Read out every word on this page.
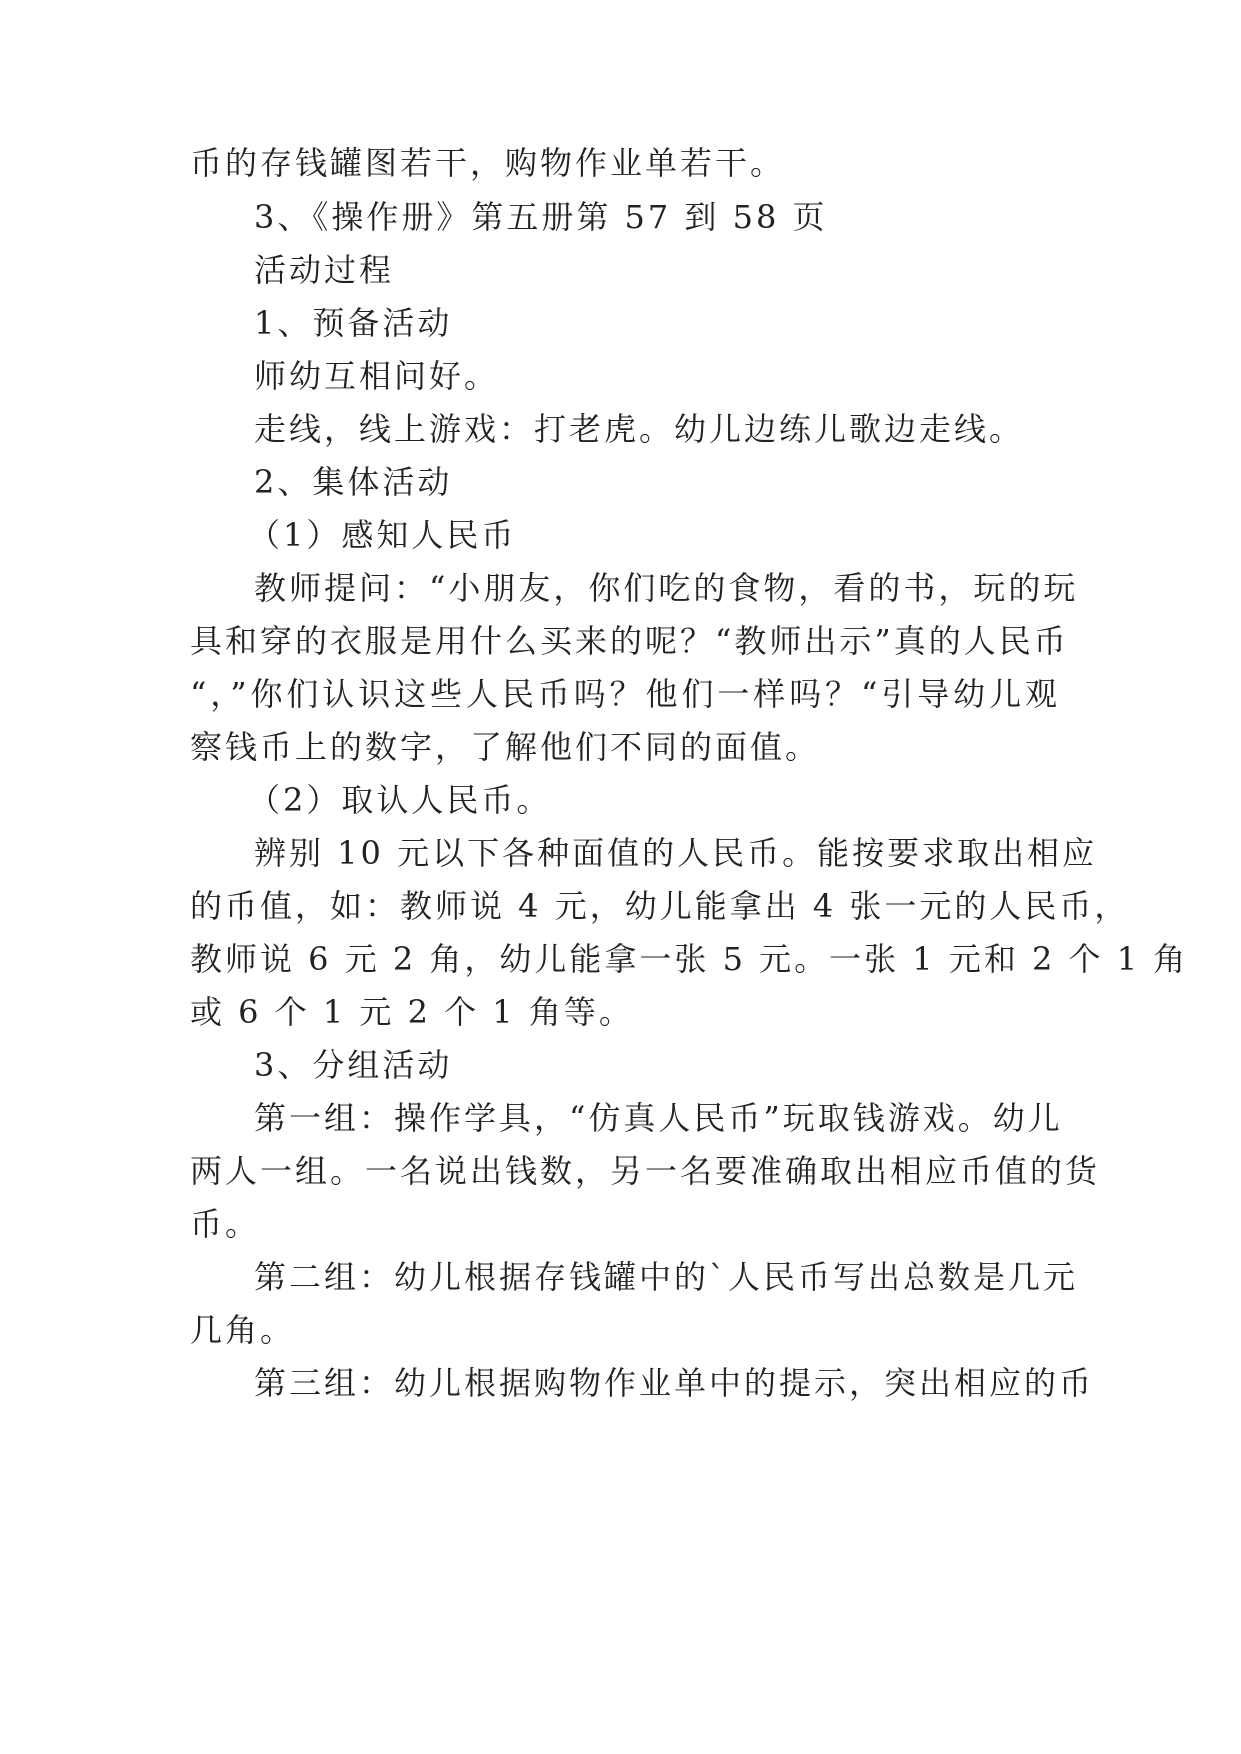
币的存钱罐图若干，购物作业单若干。
3、《操作册》第五册第 57 到 58 页
活动过程
1、预备活动
师幼互相问好。
走线，线上游戏：打老虎。幼儿边练儿歌边走线。
2、集体活动
（1）感知人民币
教师提问：“小朋友，你们吃的食物，看的书，玩的玩
具和穿的衣服是用什么买来的呢？“教师出示”真的人民币
“，”你们认识这些人民币吗？他们一样吗？“引导幼儿观
察钱币上的数字，了解他们不同的面值。
（2）取认人民币。
辨别 10 元以下各种面值的人民币。能按要求取出相应
的币值，如：教师说 4 元，幼儿能拿出 4 张一元的人民币，
教师说 6 元 2 角，幼儿能拿一张 5 元。一张 1 元和 2 个 1 角
或 6 个 1 元 2 个 1 角等。
3、分组活动
第一组：操作学具，“仿真人民币”玩取钱游戏。幼儿
两人一组。一名说出钱数，另一名要准确取出相应币值的货
币。
第二组：幼儿根据存钱罐中的`人民币写出总数是几元
几角。
第三组：幼儿根据购物作业单中的提示，突出相应的币
